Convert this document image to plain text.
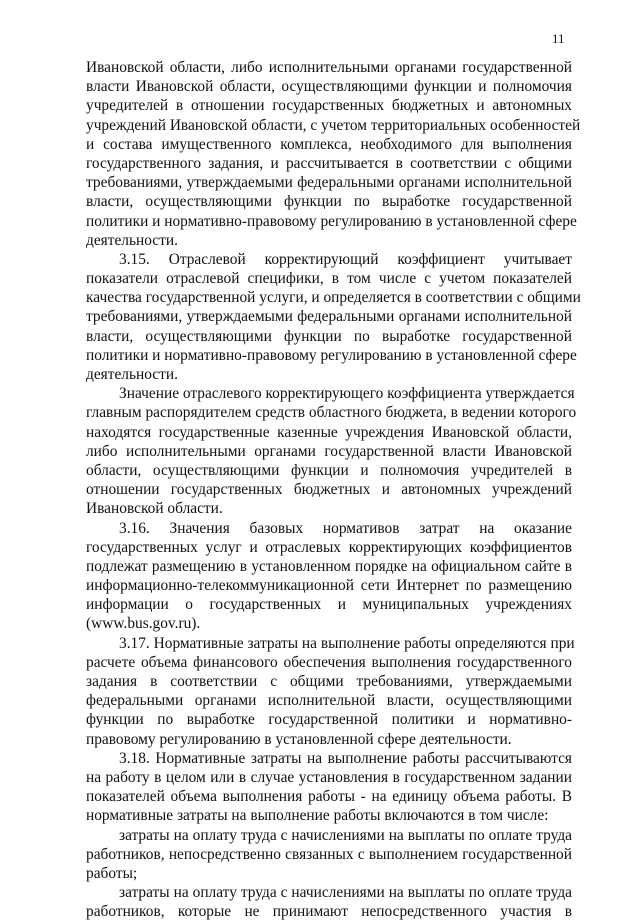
11
Ивановской области, либо исполнительными органами государственной
власти Ивановской области, осуществляющими функции и полномочия
учредителей в отношении государственных бюджетных и автономных
учреждений Ивановской области, с учетом территориальных особенностей
и состава имущественного комплекса, необходимого для выполнения
государственного задания, и рассчитывается в соответствии с общими
требованиями, утверждаемыми федеральными органами исполнительной
власти, осуществляющими функции по выработке государственной
политики и нормативно-правовому регулированию в установленной сфере
деятельности.
3.15. Отраслевой корректирующий коэффициент учитывает
показатели отраслевой специфики, в том числе с учетом показателей
качества государственной услуги, и определяется в соответствии с общими
требованиями, утверждаемыми федеральными органами исполнительной
власти, осуществляющими функции по выработке государственной
политики и нормативно-правовому регулированию в установленной сфере
деятельности.
Значение отраслевого корректирующего коэффициента утверждается
главным распорядителем средств областного бюджета, в ведении которого
находятся государственные казенные учреждения Ивановской области,
либо исполнительными органами государственной власти Ивановской
области, осуществляющими функции и полномочия учредителей в
отношении государственных бюджетных и автономных учреждений
Ивановской области.
3.16. Значения базовых нормативов затрат на оказание
государственных услуг и отраслевых корректирующих коэффициентов
подлежат размещению в установленном порядке на официальном сайте в
информационно-телекоммуникационной сети Интернет по размещению
информации о государственных и муниципальных учреждениях
(www.bus.gov.ru).
3.17. Нормативные затраты на выполнение работы определяются при
расчете объема финансового обеспечения выполнения государственного
задания в соответствии с общими требованиями, утверждаемыми
федеральными органами исполнительной власти, осуществляющими
функции по выработке государственной политики и нормативно-
правовому регулированию в установленной сфере деятельности.
3.18. Нормативные затраты на выполнение работы рассчитываются
на работу в целом или в случае установления в государственном задании
показателей объема выполнения работы - на единицу объема работы. В
нормативные затраты на выполнение работы включаются в том числе:
затраты на оплату труда с начислениями на выплаты по оплате труда
работников, непосредственно связанных с выполнением государственной
работы;
затраты на оплату труда с начислениями на выплаты по оплате труда
работников, которые не принимают непосредственного участия в
